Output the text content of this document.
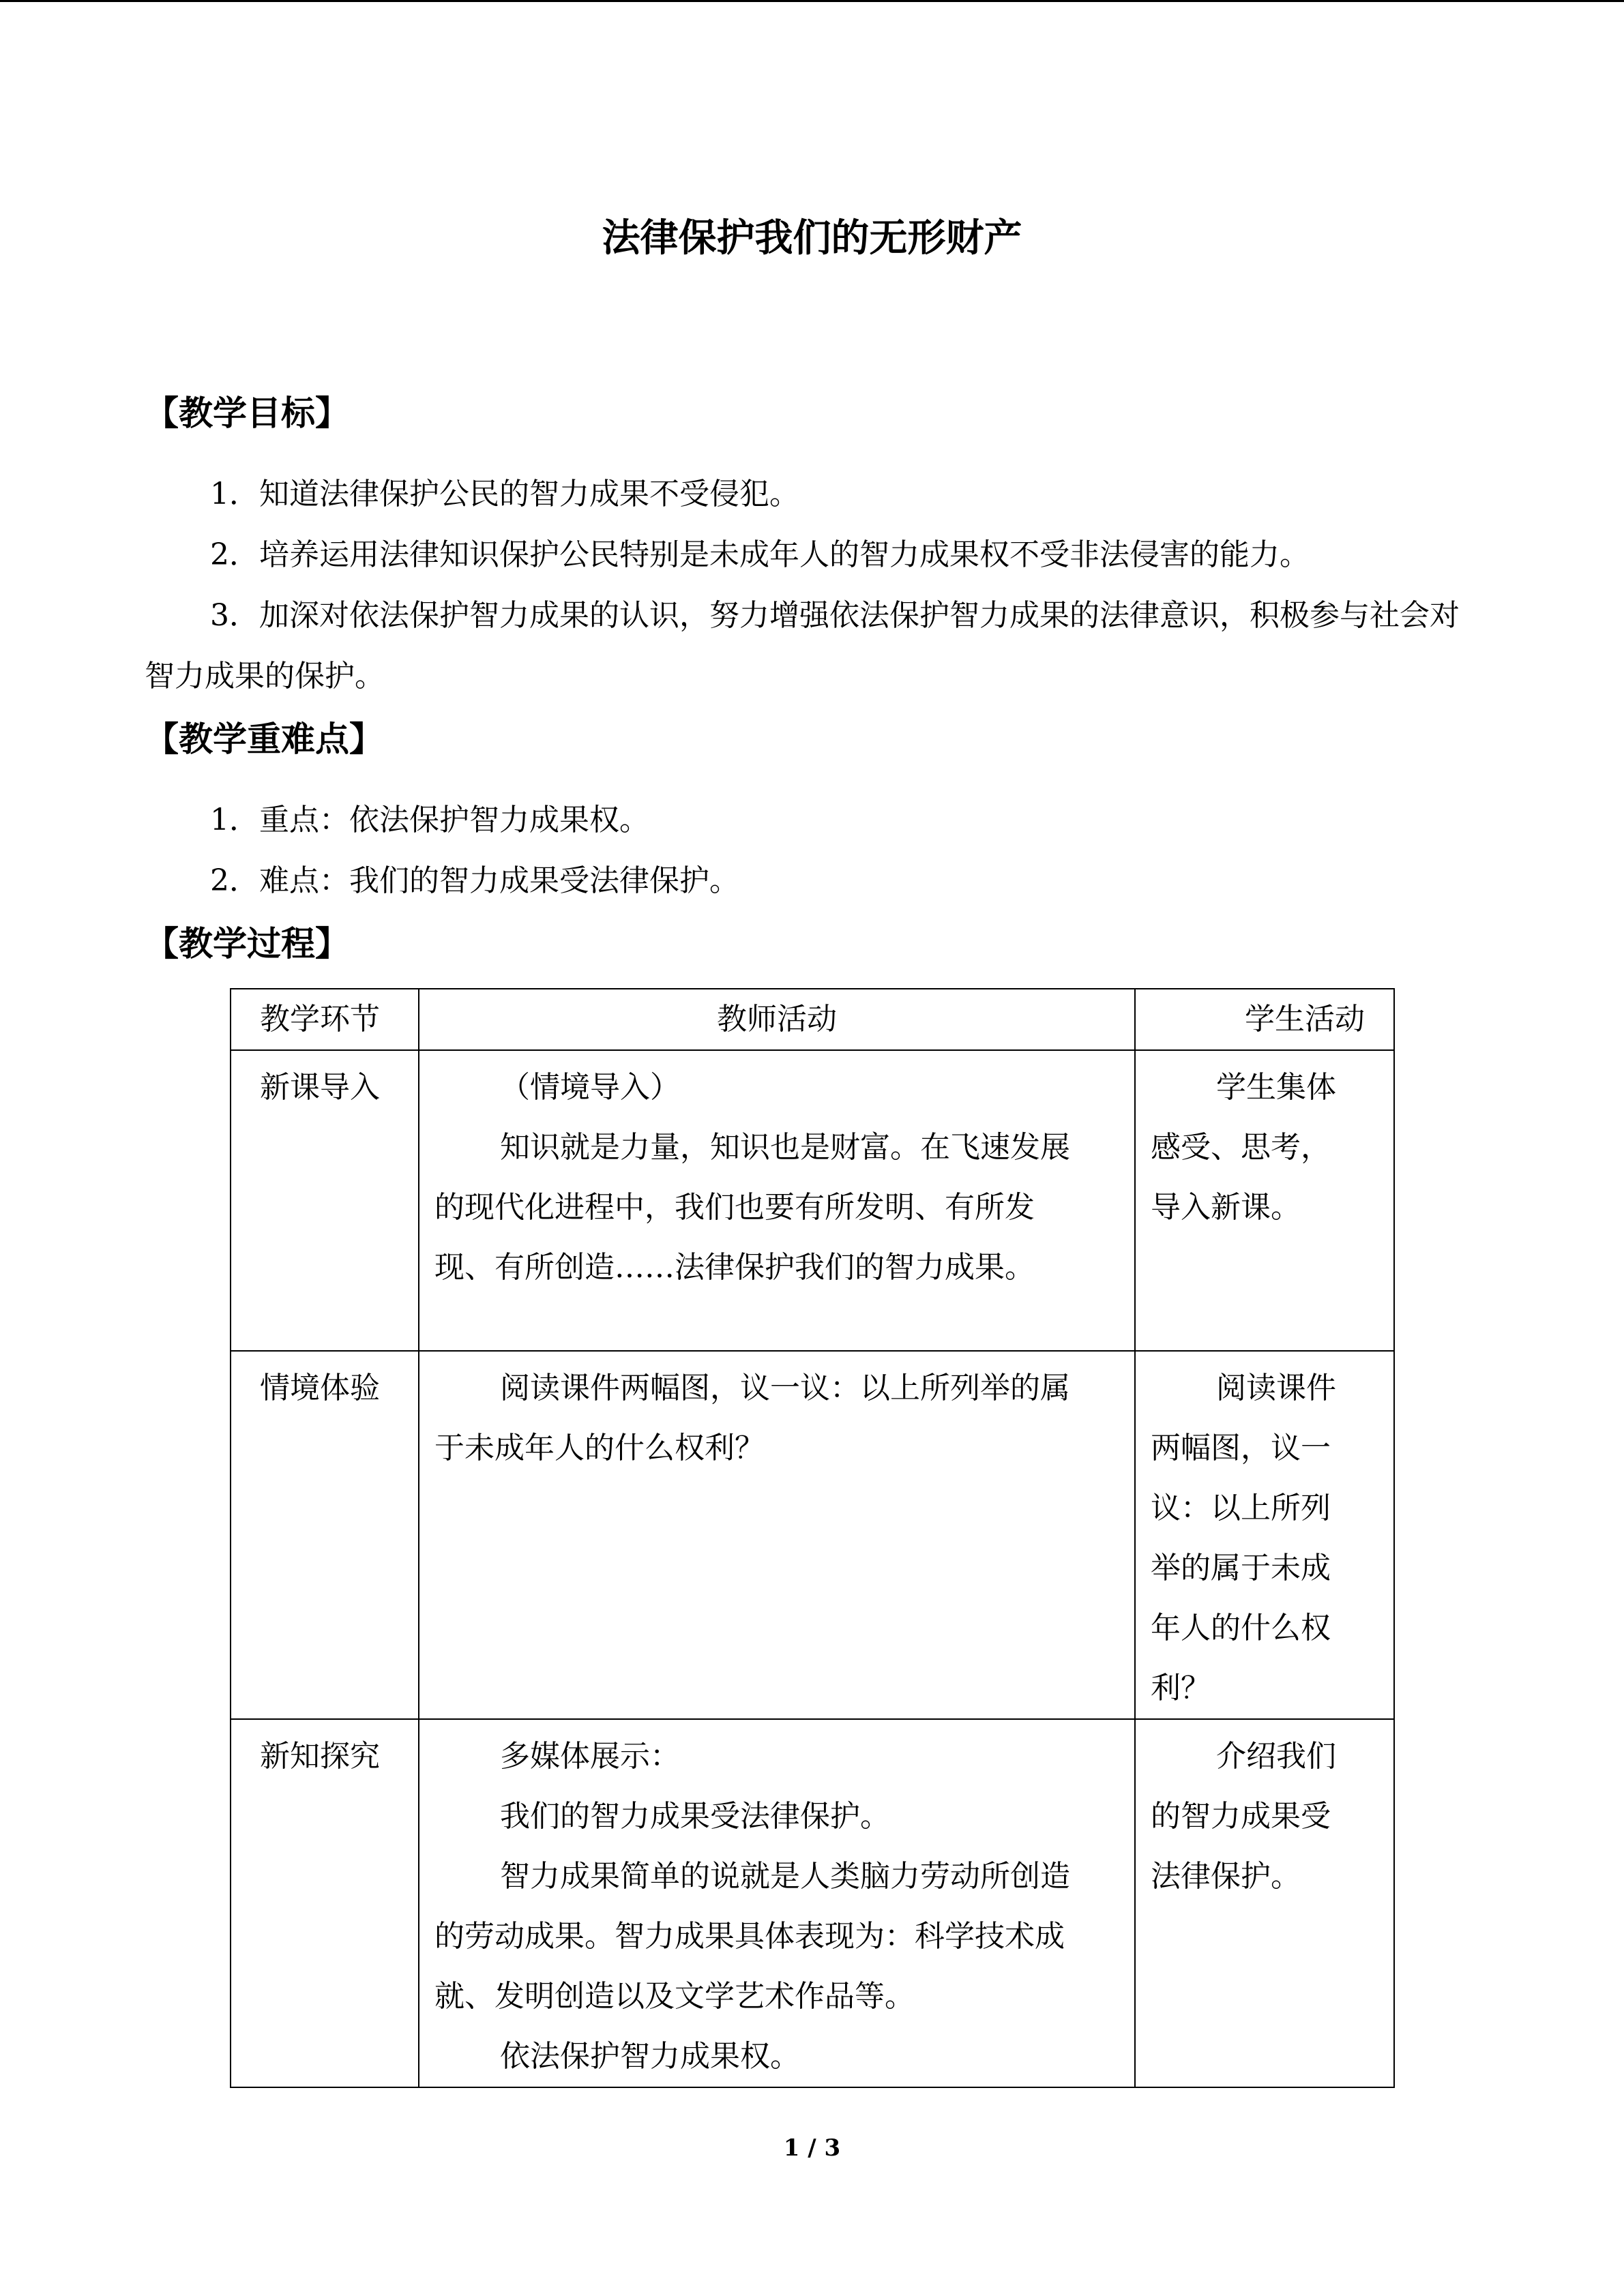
法律保护我们的无形财产
【教学目标】
1．知道法律保护公民的智力成果不受侵犯。
2．培养运用法律知识保护公民特别是未成年人的智力成果权不受非法侵害的能力。
3．加深对依法保护智力成果的认识，努力增强依法保护智力成果的法律意识，积极参与社会对智力成果的保护。
【教学重难点】
1．重点：依法保护智力成果权。
2．难点：我们的智力成果受法律保护。
【教学过程】
教学环节	教师活动	学生活动
新课导入	（情境导入）
知识就是力量，知识也是财富。在飞速发展的现代化进程中，我们也要有所发明、有所发现、有所创造……法律保护我们的智力成果。	学生集体感受、思考，导入新课。

情境体验	阅读课件两幅图，议一议：以上所列举的属于未成年人的什么权利？	阅读课件两幅图，议一议：以上所列举的属于未成年人的什么权利？

新知探究	多媒体展示：
我们的智力成果受法律保护。
智力成果简单的说就是人类脑力劳动所创造的劳动成果。智力成果具体表现为：科学技术成就、发明创造以及文学艺术作品等。
依法保护智力成果权。	介绍我们的智力成果受法律保护。
1 / 3
